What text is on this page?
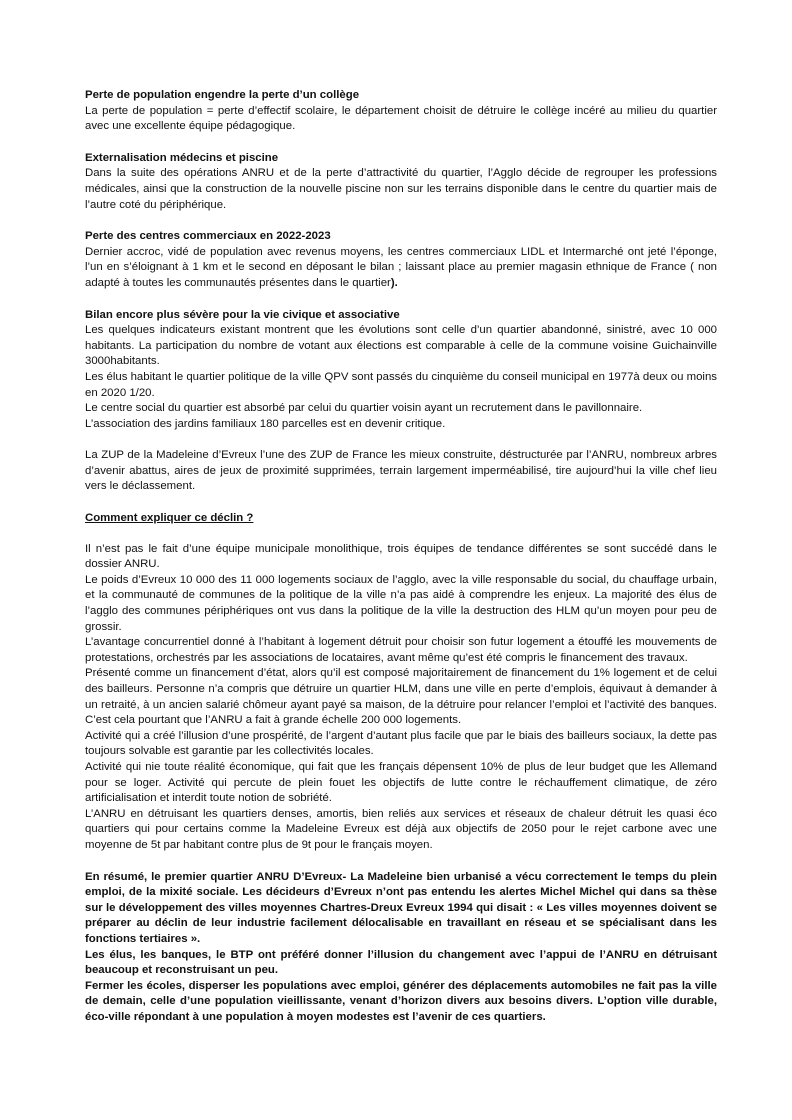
Perte de population engendre la perte d’un collège

La perte de population = perte d’effectif scolaire, le département choisit de détruire le collège incéré au milieu du quartier avec une excellente équipe pédagogique.

Externalisation médecins et piscine

Dans la suite des opérations ANRU et de la perte d’attractivité du quartier, l’Agglo décide de regrouper les professions médicales, ainsi que la construction de la nouvelle piscine non sur les terrains disponible dans le centre du quartier mais de l’autre coté du périphérique.

Perte des centres commerciaux en 2022-2023

Dernier accroc, vidé de population avec revenus moyens, les centres commerciaux LIDL et Intermarché ont jeté l’éponge, l’un en s’éloignant à 1 km et le second en déposant le bilan ; laissant place au premier magasin ethnique de France ( non adapté à toutes les communautés présentes dans le quartier).

Bilan encore plus sévère pour la vie civique et associative

Les quelques indicateurs existant montrent que les évolutions sont celle d’un quartier abandonné, sinistré, avec 10 000 habitants. La participation du nombre de votant aux élections est comparable à celle de la commune voisine Guichainville 3000habitants.

Les élus habitant le quartier politique de la ville QPV sont passés du cinquième du conseil municipal en 1977à deux ou moins en 2020 1/20.

Le centre social du quartier est absorbé par celui du quartier voisin ayant un recrutement dans le pavillonnaire.

L’association des jardins familiaux 180 parcelles est en devenir critique.

La ZUP de la Madeleine d’Evreux l’une des ZUP de France les mieux construite, déstructurée par l’ANRU, nombreux arbres d’avenir abattus, aires de jeux de proximité supprimées, terrain largement imperméabilisé, tire aujourd’hui la ville chef lieu vers le déclassement.

Comment expliquer ce déclin ?

Il n’est pas le fait d’une équipe municipale monolithique, trois équipes de tendance différentes se sont succédé dans le dossier ANRU.

Le poids d’Evreux 10 000 des 11 000 logements sociaux de l’agglo, avec la ville responsable du social, du chauffage urbain, et la communauté de communes de la politique de la ville n’a pas aidé à comprendre les enjeux. La majorité des élus de l’agglo des communes périphériques ont vus dans la politique de la ville la destruction des HLM qu’un moyen pour peu de grossir.

L’avantage concurrentiel donné à l’habitant à logement détruit pour choisir son futur logement a étouffé les mouvements de protestations, orchestrés par les associations de locataires, avant même qu’est été compris le financement des travaux.

Présenté comme un financement d’état, alors qu’il est composé majoritairement de financement du 1% logement et de celui des bailleurs. Personne n’a compris que détruire un quartier HLM, dans une ville en perte d’emplois, équivaut à demander à un retraité, à un ancien salarié chômeur ayant payé sa maison, de la détruire pour relancer l’emploi et l’activité des banques. C’est cela pourtant que l’ANRU a fait à grande échelle 200 000 logements.

Activité qui a créé l’illusion d’une prospérité, de l’argent d’autant plus facile que par le biais des bailleurs sociaux, la dette pas toujours solvable est garantie par les collectivités locales.

Activité qui nie toute réalité économique, qui fait que les français dépensent 10% de plus de leur budget que les Allemand pour se loger. Activité qui percute de plein fouet les objectifs de lutte contre le réchauffement climatique, de zéro artificialisation et interdit toute notion de sobriété.

L’ANRU en détruisant les quartiers denses, amortis, bien reliés aux services et réseaux de chaleur détruit les quasi éco quartiers qui pour certains comme la Madeleine Evreux est déjà aux objectifs de 2050 pour le rejet carbone avec une moyenne de 5t par habitant contre plus de 9t pour le français moyen.

En résumé, le premier quartier ANRU D’Evreux- La Madeleine bien urbanisé a vécu correctement le temps du plein emploi, de la mixité sociale. Les décideurs d’Evreux n’ont pas entendu les alertes Michel Michel qui dans sa thèse sur le développement des villes moyennes Chartres-Dreux Evreux 1994 qui disait : « Les villes moyennes doivent se préparer au déclin de leur industrie facilement délocalisable en travaillant en réseau et se spécialisant dans les fonctions tertiaires ».

Les élus, les banques, le BTP ont préféré donner l’illusion du changement avec l’appui de l’ANRU en détruisant beaucoup et reconstruisant un peu.

Fermer les écoles, disperser les populations avec emploi, générer des déplacements automobiles ne fait pas la ville de demain, celle d’une population vieillissante, venant d’horizon divers aux besoins divers. L’option ville durable, éco-ville répondant à une population à moyen modestes est l’avenir de ces quartiers.
